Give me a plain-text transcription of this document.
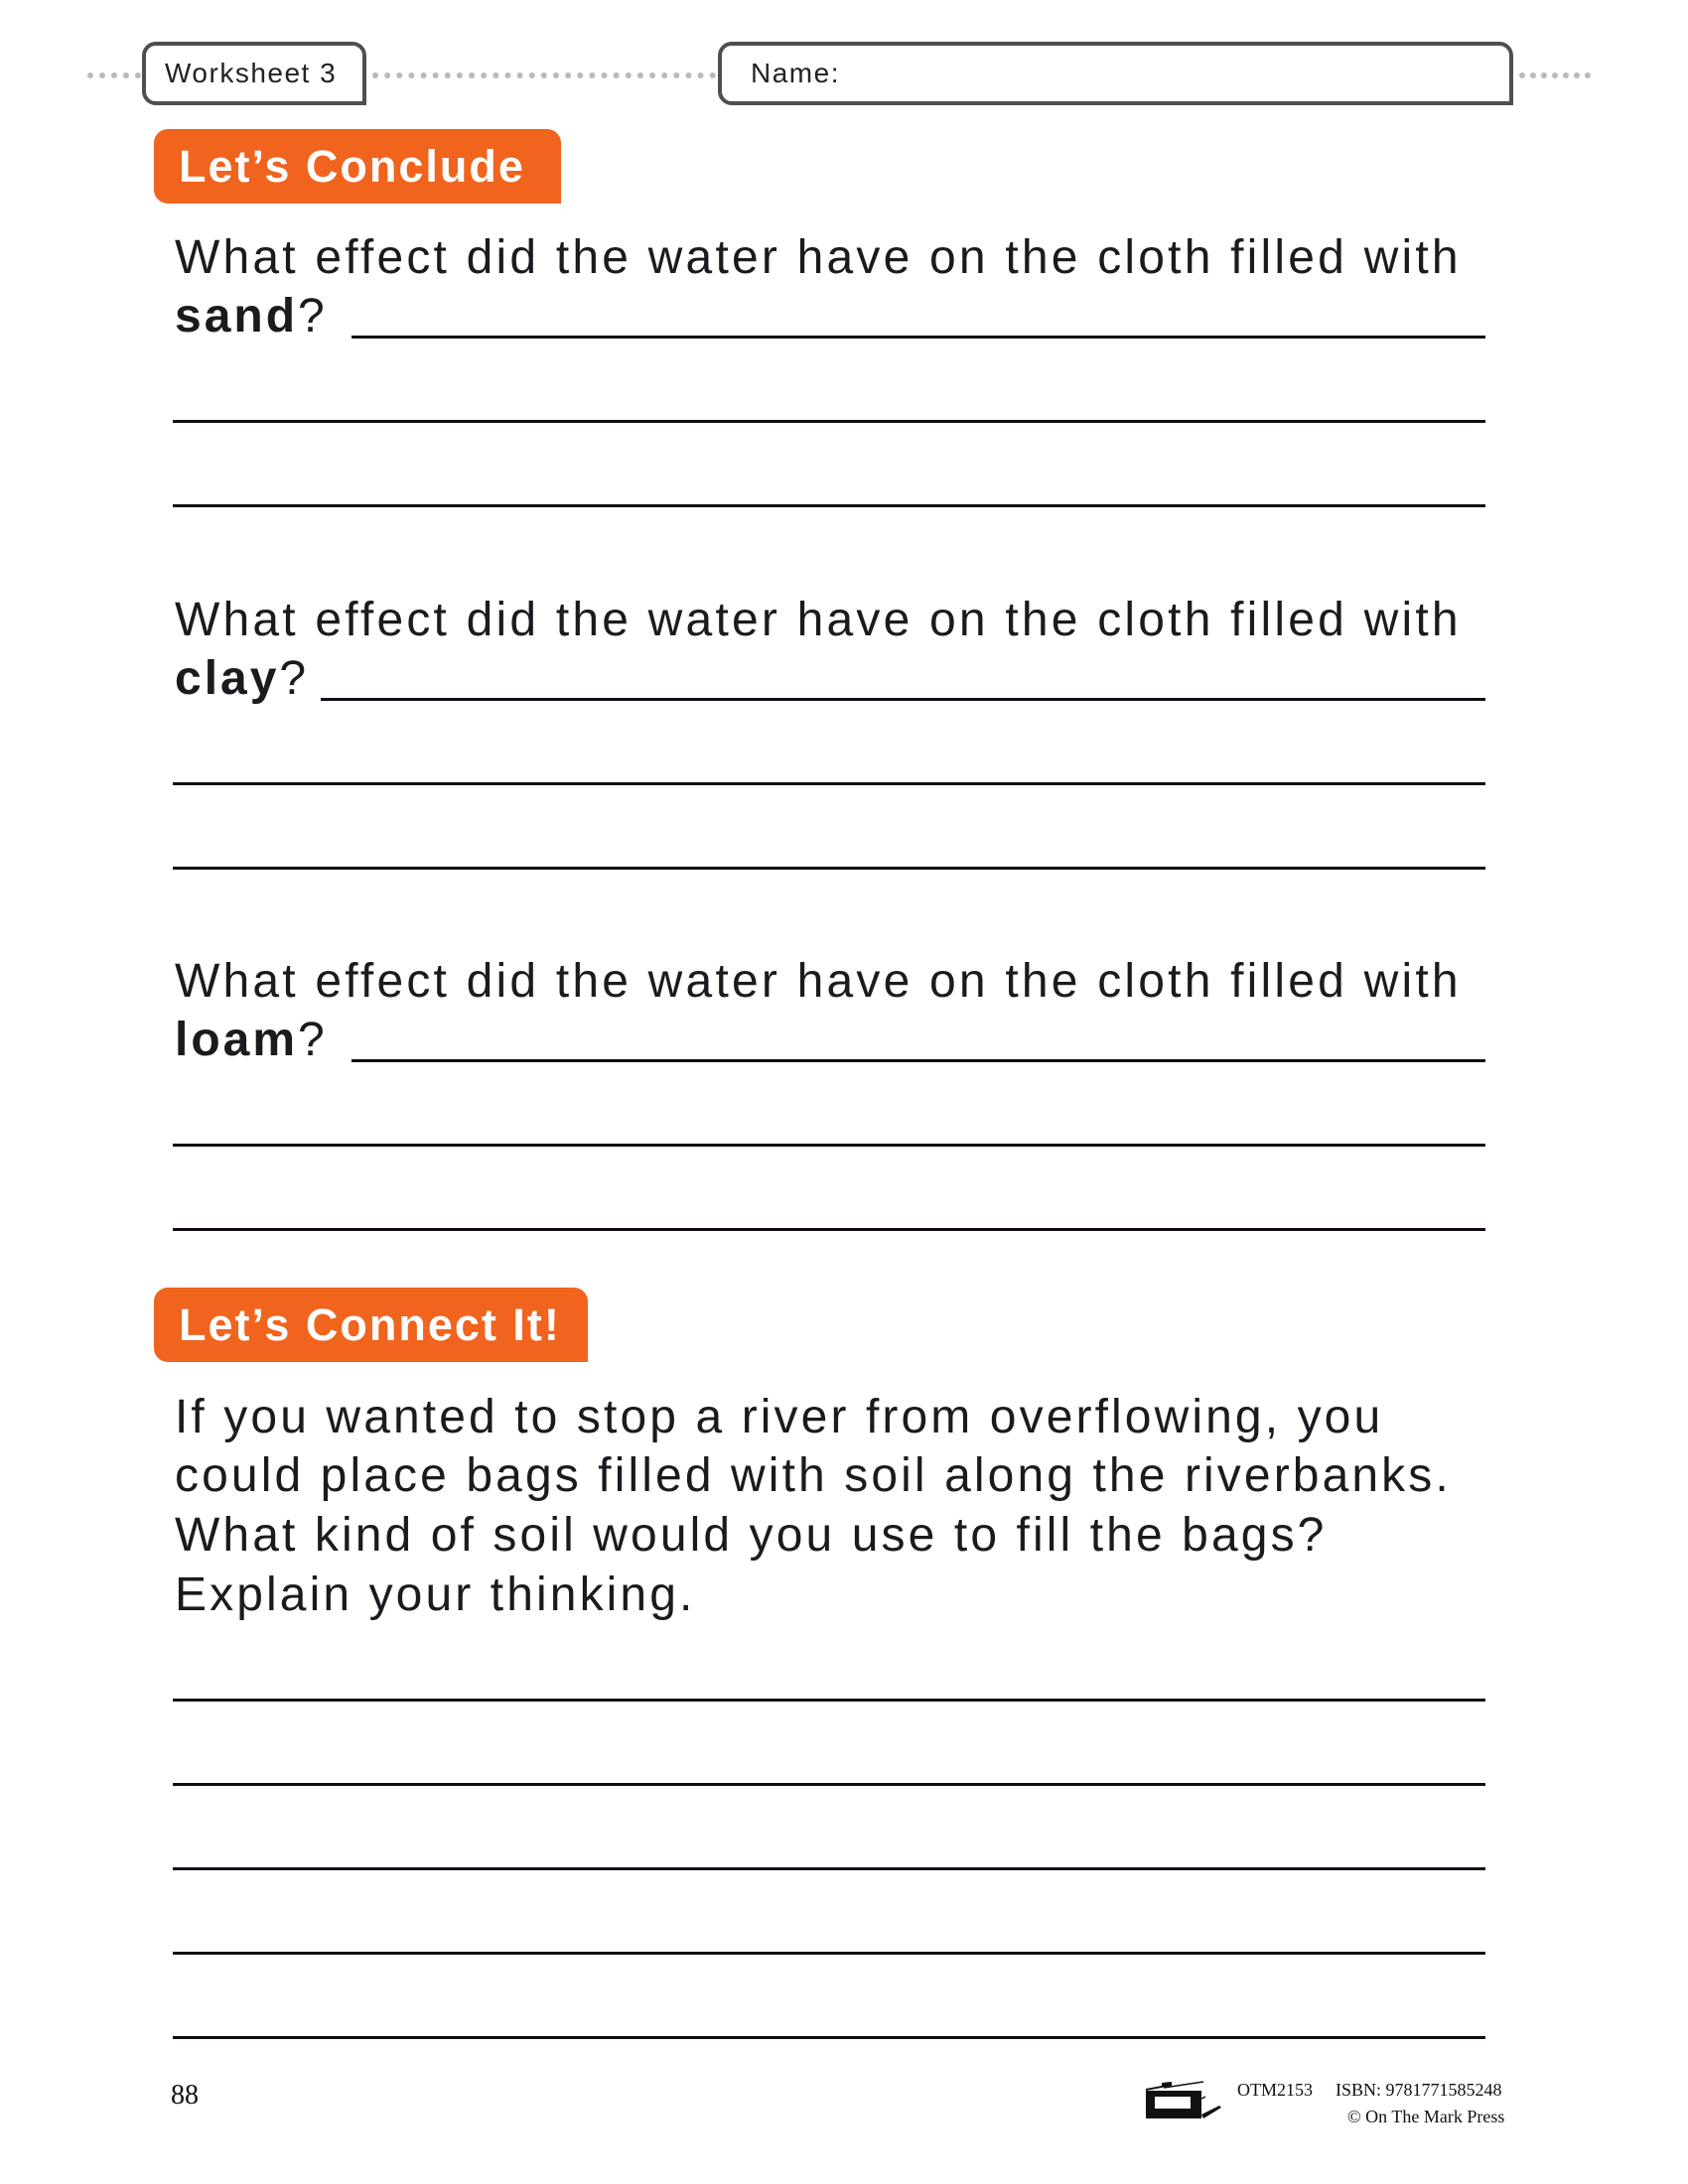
Worksheet 3	Name:
Let’s Conclude
What effect did the water have on the cloth filled with
sand?
What effect did the water have on the cloth filled with
clay?
What effect did the water have on the cloth filled with
loam?
Let’s Connect It!
If you wanted to stop a river from overflowing, you
could place bags filled with soil along the riverbanks.
What kind of soil would you use to fill the bags?
Explain your thinking.
88	OTM2153 ISBN: 9781771585248
© On The Mark Press
